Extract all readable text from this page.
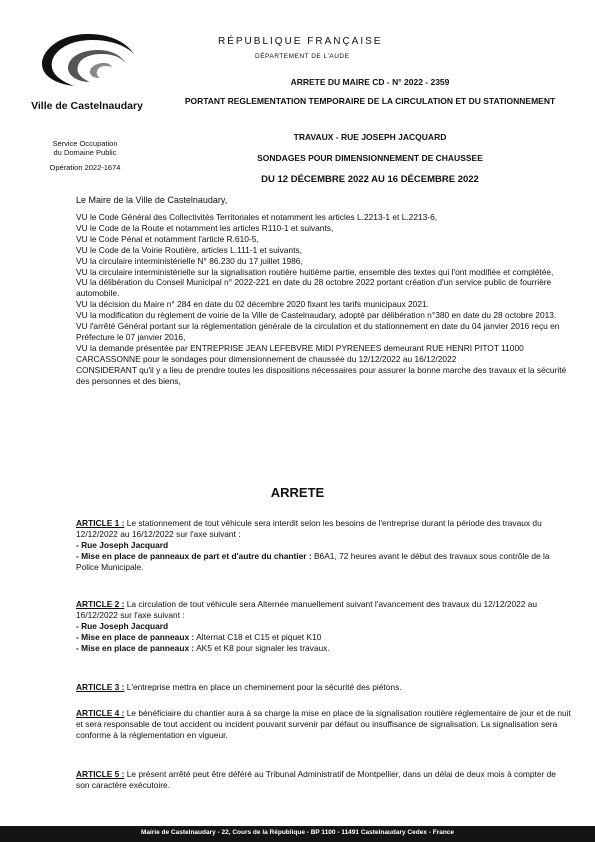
Ville de Castelnaudary
Service Occupation
du Domaine Public
Opération 2022-1674
RÉPUBLIQUE FRANÇAISE
DÉPARTEMENT DE L'AUDE
ARRETE DU MAIRE CD - N° 2022 - 2359
PORTANT REGLEMENTATION TEMPORAIRE DE LA CIRCULATION ET DU STATIONNEMENT
TRAVAUX - RUE JOSEPH JACQUARD
SONDAGES POUR DIMENSIONNEMENT DE CHAUSSEE
DU 12 DÉCEMBRE 2022 AU 16 DÉCEMBRE 2022
Le Maire de la Ville de Castelnaudary,
VU le Code Général des Collectivités Territoriales et notamment les articles L.2213-1 et L.2213-6,
VU le Code de la Route et notamment les articles R110-1 et suivants,
VU le Code Pénal et notamment l'article R.610-5,
VU le Code de la Voirie Routière, articles L.111-1 et suivants,
VU la circulaire interministérielle N° 86.230 du 17 juillet 1986,
VU la circulaire interministérielle sur la signalisation routière huitième partie, ensemble des textes qui l'ont modifiée et complétée,
VU la délibération du Conseil Municipal n° 2022-221 en date du 28 octobre 2022 portant création d'un service public de fourrière automobile.
VU la décision du Maire n° 284 en date du 02 décembre 2020 fixant les tarifs municipaux 2021.
VU la modification du règlement de voirie de la Ville de Castelnaudary, adopté par délibération n°380 en date du 28 octobre 2013.
VU l'arrêté Général portant sur la réglementation générale de la circulation et du stationnement en date du 04 janvier 2016 reçu en Préfecture le 07 janvier 2016,
VU la demande présentée par ENTREPRISE JEAN LEFEBVRE MIDI PYRENEES demeurant RUE HENRI PITOT 11000 CARCASSONNE pour le sondages pour dimensionnement de chaussée du 12/12/2022 au 16/12/2022
CONSIDERANT qu'il y a lieu de prendre toutes les dispositions nécessaires pour assurer la bonne marche des travaux et la sécurité des personnes et des biens,
ARRETE

ARTICLE 1 : Le stationnement de tout véhicule sera interdit selon les besoins de l'entreprise durant la période des travaux du 12/12/2022 au 16/12/2022 sur l'axe suivant :

- Rue Joseph Jacquard

- Mise en place de panneaux de part et d'autre du chantier : B6A1, 72 heures avant le début des travaux sous contrôle de la Police Municipale.

ARTICLE 2 : La circulation de tout véhicule sera Alternée manuellement suivant l'avancement des travaux du 12/12/2022 au 16/12/2022 sur l'axe suivant :

- Rue Joseph Jacquard

- Mise en place de panneaux : Alternat C18 et C15 et piquet K10

- Mise en place de panneaux : AK5 et K8 pour signaler les travaux.

ARTICLE 3 : L'entreprise mettra en place un cheminement pour la sécurité des piétons.

ARTICLE 4 : Le bénéficiaire du chantier aura à sa charge la mise en place de la signalisation routière réglementaire de jour et de nuit et sera responsable de tout accident ou incident pouvant survenir par défaut ou insuffisance de signalisation. La signalisation sera conforme à la réglementation en vigueur.

ARTICLE 5 : Le présent arrêté peut être déféré au Tribunal Administratif de Montpellier, dans un délai de deux mois à compter de son caractère exécutoire.

Mairie de Castelnaudary - 22, Cours de la République - BP 1100 - 11491 Castelnaudary Cedex - France
